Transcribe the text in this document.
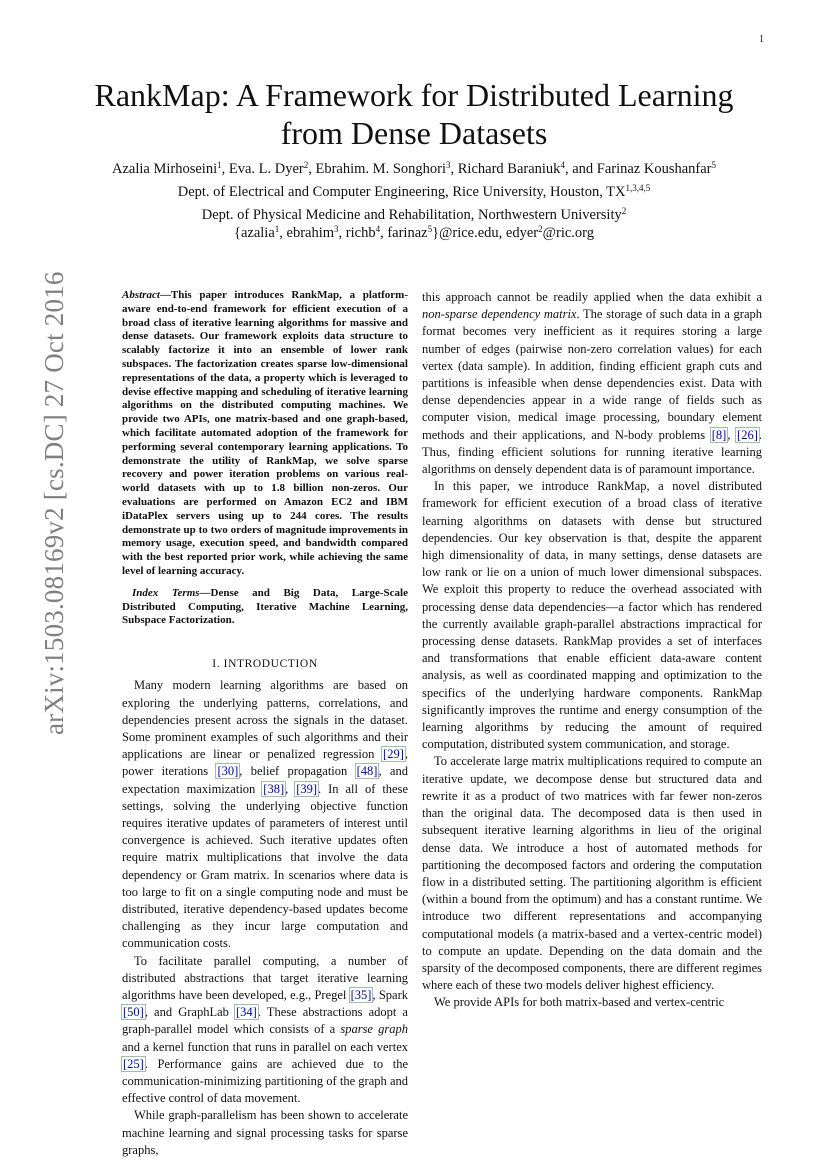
1
arXiv:1503.08169v2 [cs.DC] 27 Oct 2016
RankMap: A Framework for Distributed Learning from Dense Datasets
Azalia Mirhoseini$^1$, Eva. L. Dyer$^2$, Ebrahim. M. Songhori$^3$, Richard Baraniuk$^4$, and Farinaz Koushanfar$^5$
Dept. of Electrical and Computer Engineering, Rice University, Houston, TX$^{1,3,4,5}$
Dept. of Physical Medicine and Rehabilitation, Northwestern University$^2$
{azalia$^1$, ebrahim$^3$, richb$^4$, farinaz$^5$}@rice.edu, edyer$^2$@ric.org
Abstract—This paper introduces RankMap, a platform-aware end-to-end framework for efficient execution of a broad class of iterative learning algorithms for massive and dense datasets. Our framework exploits data structure to scalably factorize it into an ensemble of lower rank subspaces. The factorization creates sparse low-dimensional representations of the data, a property which is leveraged to devise effective mapping and scheduling of iterative learning algorithms on the distributed computing machines. We provide two APIs, one matrix-based and one graph-based, which facilitate automated adoption of the framework for performing several contemporary learning applications. To demonstrate the utility of RankMap, we solve sparse recovery and power iteration problems on various real-world datasets with up to 1.8 billion non-zeros. Our evaluations are performed on Amazon EC2 and IBM iDataPlex servers using up to 244 cores. The results demonstrate up to two orders of magnitude improvements in memory usage, execution speed, and bandwidth compared with the best reported prior work, while achieving the same level of learning accuracy.
Index Terms—Dense and Big Data, Large-Scale Distributed Computing, Iterative Machine Learning, Subspace Factorization.
I. INTRODUCTION

Many modern learning algorithms are based on exploring the underlying patterns, correlations, and dependencies present across the signals in the dataset. Some prominent examples of such algorithms and their applications are linear or penalized regression [29], power iterations [30], belief propagation [48], and expectation maximization [38], [39]. In all of these settings, solving the underlying objective function requires iterative updates of parameters of interest until convergence is achieved. Such iterative updates often require matrix multiplications that involve the data dependency or Gram matrix. In scenarios where data is too large to fit on a single computing node and must be distributed, iterative dependency-based updates become challenging as they incur large computation and communication costs.

To facilitate parallel computing, a number of distributed abstractions that target iterative learning algorithms have been developed, e.g., Pregel [35], Spark [50], and GraphLab [34]. These abstractions adopt a graph-parallel model which consists of a sparse graph and a kernel function that runs in parallel on each vertex [25]. Performance gains are achieved due to the communication-minimizing partitioning of the graph and effective control of data movement.

While graph-parallelism has been shown to accelerate machine learning and signal processing tasks for sparse graphs,

this approach cannot be readily applied when the data exhibit a non-sparse dependency matrix. The storage of such data in a graph format becomes very inefficient as it requires storing a large number of edges (pairwise non-zero correlation values) for each vertex (data sample). In addition, finding efficient graph cuts and partitions is infeasible when dense dependencies exist. Data with dense dependencies appear in a wide range of fields such as computer vision, medical image processing, boundary element methods and their applications, and N-body problems [8], [26]. Thus, finding efficient solutions for running iterative learning algorithms on densely dependent data is of paramount importance.

In this paper, we introduce RankMap, a novel distributed framework for efficient execution of a broad class of iterative learning algorithms on datasets with dense but structured dependencies. Our key observation is that, despite the apparent high dimensionality of data, in many settings, dense datasets are low rank or lie on a union of much lower dimensional subspaces. We exploit this property to reduce the overhead associated with processing dense data dependencies—a factor which has rendered the currently available graph-parallel abstractions impractical for processing dense datasets. RankMap provides a set of interfaces and transformations that enable efficient data-aware content analysis, as well as coordinated mapping and optimization to the specifics of the underlying hardware components. RankMap significantly improves the runtime and energy consumption of the learning algorithms by reducing the amount of required computation, distributed system communication, and storage.

To accelerate large matrix multiplications required to compute an iterative update, we decompose dense but structured data and rewrite it as a product of two matrices with far fewer non-zeros than the original data. The decomposed data is then used in subsequent iterative learning algorithms in lieu of the original dense data. We introduce a host of automated methods for partitioning the decomposed factors and ordering the computation flow in a distributed setting. The partitioning algorithm is efficient (within a bound from the optimum) and has a constant runtime. We introduce two different representations and accompanying computational models (a matrix-based and a vertex-centric model) to compute an update. Depending on the data domain and the sparsity of the decomposed components, there are different regimes where each of these two models deliver highest efficiency.

We provide APIs for both matrix-based and vertex-centric
